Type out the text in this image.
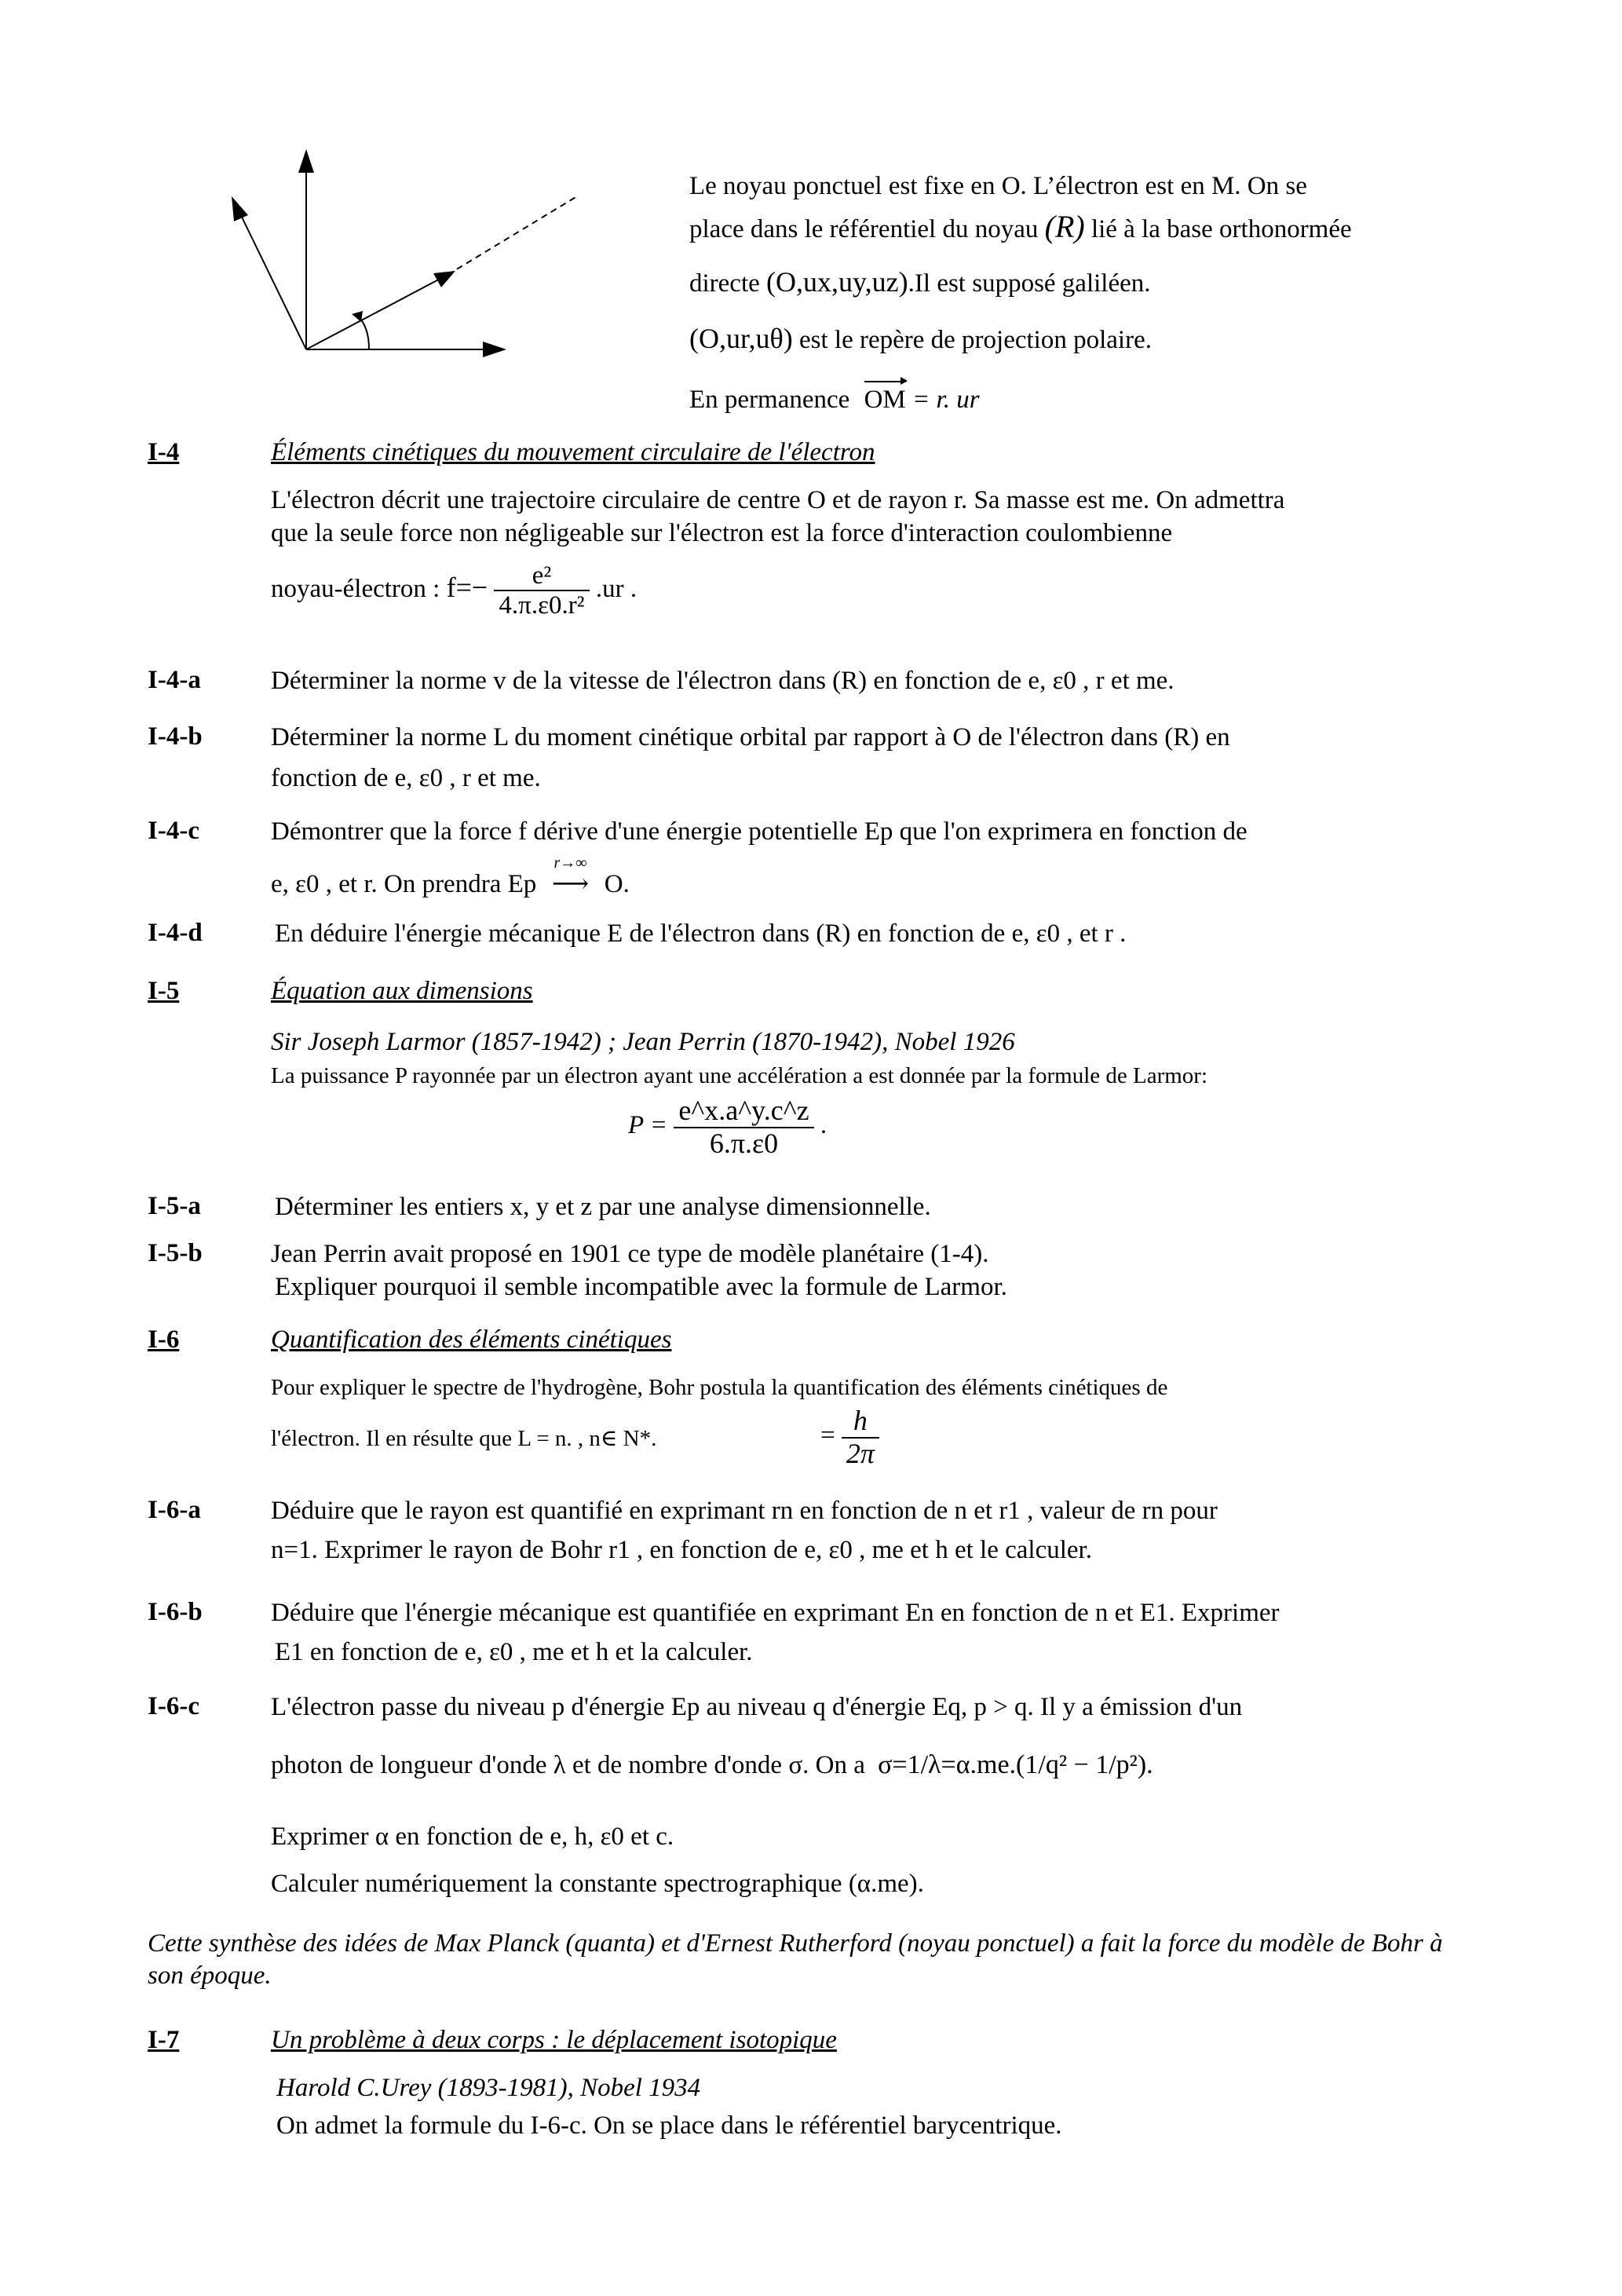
Le noyau ponctuel est fixe en O. L’électron est en M. On se
place dans le référentiel du noyau (R) lié à la base orthonormée
directe (O,ux,uy,uz).Il est supposé galiléen.
(O,ur,uθ) est le repère de projection polaire.
En permanence OM = r. ur
I-4	Éléments cinétiques du mouvement circulaire de l'électron
L'électron décrit une trajectoire circulaire de centre O et de rayon r. Sa masse est me. On admettra
que la seule force non négligeable sur l'électron est la force d'interaction coulombienne
noyau-électron : $f=- \frac{\text{e²}}{\text{4.π.ε0.r²}} .ur$ .
I-4-a	Déterminer la norme v de la vitesse de l'électron dans (R) en fonction de e, ε0 , r et me.
I-4-b	Déterminer la norme L du moment cinétique orbital par rapport à O de l'électron dans (R) en
fonction de e, ε0 , r et me.
I-4-c	Démontrer que la force f dérive d'une énergie potentielle Ep que l'on exprimera en fonction de
e, ε0 , et r. On prendra Ep
r→∞
⟶ O.
I-4-d	En déduire l'énergie mécanique E de l'électron dans (R) en fonction de e, ε0 , et r .
I-5	Équation aux dimensions
Sir Joseph Larmor (1857-1942) ; Jean Perrin (1870-1942), Nobel 1926
La puissance P rayonnée par un électron ayant une accélération a est donnée par la formule de Larmor:
$P = \frac{e\^{}x.a\^{}y.c\^{}z}{6.\pi.\varepsilon 0}$ .
I-5-a	Déterminer les entiers x, y et z par une analyse dimensionnelle.
I-5-b	Jean Perrin avait proposé en 1901 ce type de modèle planétaire (1-4).
Expliquer pourquoi il semble incompatible avec la formule de Larmor.
I-6	Quantification des éléments cinétiques
Pour expliquer le spectre de l'hydrogène, Bohr postula la quantification des éléments cinétiques de
l'électron. Il en résulte que L = n. , n∈ N*.	= $\frac{h}{2\pi}$
I-6-a	Déduire que le rayon est quantifié en exprimant rn en fonction de n et r1 , valeur de rn pour
n=1. Exprimer le rayon de Bohr r1 , en fonction de e, ε0 , me et h et le calculer.
I-6-b	Déduire que l'énergie mécanique est quantifiée en exprimant En en fonction de n et E1. Exprimer
E1 en fonction de e, ε0 , me et h et la calculer.
I-6-c	L'électron passe du niveau p d'énergie Ep au niveau q d'énergie Eq, p > q. Il y a émission d'un
photon de longueur d'onde λ et de nombre d'onde σ. On a σ=1/λ=α.me.(1/q² − 1/p²).
Exprimer α en fonction de e, h, ε0 et c.
Calculer numériquement la constante spectrographique (α.me).
Cette synthèse des idées de Max Planck (quanta) et d'Ernest Rutherford (noyau ponctuel) a fait la force du modèle de Bohr à son époque.
I-7	Un problème à deux corps : le déplacement isotopique
Harold C.Urey (1893-1981), Nobel 1934
On admet la formule du I-6-c. On se place dans le référentiel barycentrique.
